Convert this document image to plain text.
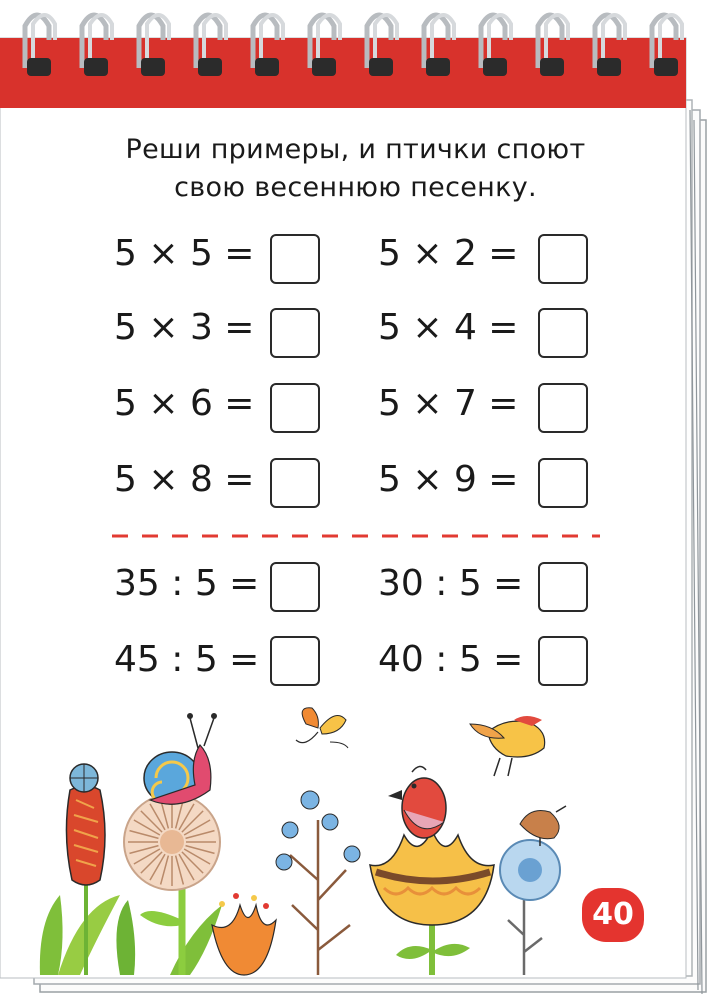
Реши примеры, и птички споют
свою весеннюю песенку.
5 × 5 =
5 × 3 =
5 × 6 =
5 × 8 =
5 × 2 =
5 × 4 =
5 × 7 =
5 × 9 =
35 : 5 =
45 : 5 =
30 : 5 =
40 : 5 =
40
